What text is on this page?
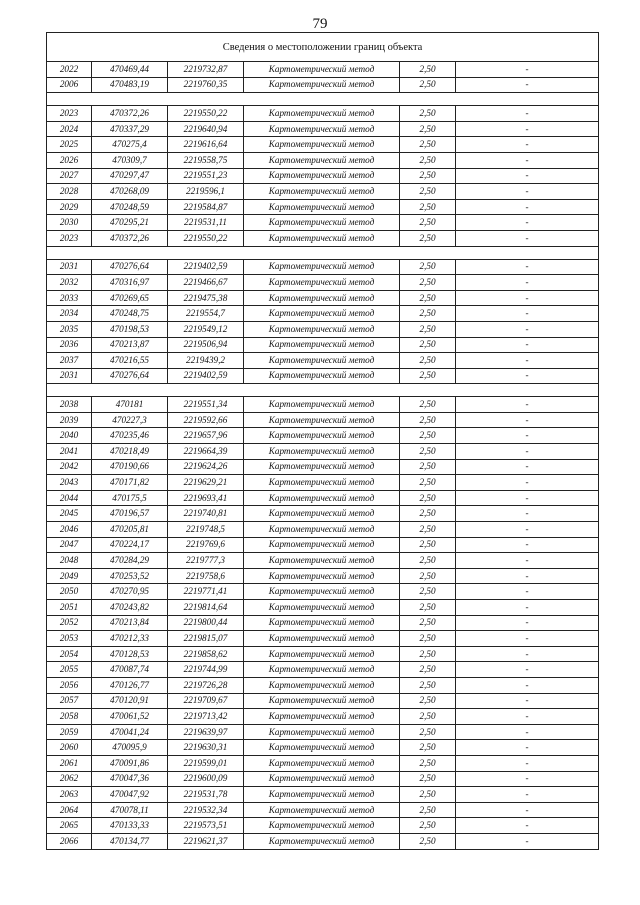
79
Сведения о местоположении границ объекта					
2022	470469,44	2219732,87	Картометрический метод	2,50	-
2006	470483,19	2219760,35	Картометрический метод	2,50	-

2023	470372,26	2219550,22	Картометрический метод	2,50	-
2024	470337,29	2219640,94	Картометрический метод	2,50	-
2025	470275,4	2219616,64	Картометрический метод	2,50	-
2026	470309,7	2219558,75	Картометрический метод	2,50	-
2027	470297,47	2219551,23	Картометрический метод	2,50	-
2028	470268,09	2219596,1	Картометрический метод	2,50	-
2029	470248,59	2219584,87	Картометрический метод	2,50	-
2030	470295,21	2219531,11	Картометрический метод	2,50	-
2023	470372,26	2219550,22	Картометрический метод	2,50	-

2031	470276,64	2219402,59	Картометрический метод	2,50	-
2032	470316,97	2219466,67	Картометрический метод	2,50	-
2033	470269,65	2219475,38	Картометрический метод	2,50	-
2034	470248,75	2219554,7	Картометрический метод	2,50	-
2035	470198,53	2219549,12	Картометрический метод	2,50	-
2036	470213,87	2219506,94	Картометрический метод	2,50	-
2037	470216,55	2219439,2	Картометрический метод	2,50	-
2031	470276,64	2219402,59	Картометрический метод	2,50	-

2038	470181	2219551,34	Картометрический метод	2,50	-
2039	470227,3	2219592,66	Картометрический метод	2,50	-
2040	470235,46	2219657,96	Картометрический метод	2,50	-
2041	470218,49	2219664,39	Картометрический метод	2,50	-
2042	470190,66	2219624,26	Картометрический метод	2,50	-
2043	470171,82	2219629,21	Картометрический метод	2,50	-
2044	470175,5	2219693,41	Картометрический метод	2,50	-
2045	470196,57	2219740,81	Картометрический метод	2,50	-
2046	470205,81	2219748,5	Картометрический метод	2,50	-
2047	470224,17	2219769,6	Картометрический метод	2,50	-
2048	470284,29	2219777,3	Картометрический метод	2,50	-
2049	470253,52	2219758,6	Картометрический метод	2,50	-
2050	470270,95	2219771,41	Картометрический метод	2,50	-
2051	470243,82	2219814,64	Картометрический метод	2,50	-
2052	470213,84	2219800,44	Картометрический метод	2,50	-
2053	470212,33	2219815,07	Картометрический метод	2,50	-
2054	470128,53	2219858,62	Картометрический метод	2,50	-
2055	470087,74	2219744,99	Картометрический метод	2,50	-
2056	470126,77	2219726,28	Картометрический метод	2,50	-
2057	470120,91	2219709,67	Картометрический метод	2,50	-
2058	470061,52	2219713,42	Картометрический метод	2,50	-
2059	470041,24	2219639,97	Картометрический метод	2,50	-
2060	470095,9	2219630,31	Картометрический метод	2,50	-
2061	470091,86	2219599,01	Картометрический метод	2,50	-
2062	470047,36	2219600,09	Картометрический метод	2,50	-
2063	470047,92	2219531,78	Картометрический метод	2,50	-
2064	470078,11	2219532,34	Картометрический метод	2,50	-
2065	470133,33	2219573,51	Картометрический метод	2,50	-
2066	470134,77	2219621,37	Картометрический метод	2,50	-
